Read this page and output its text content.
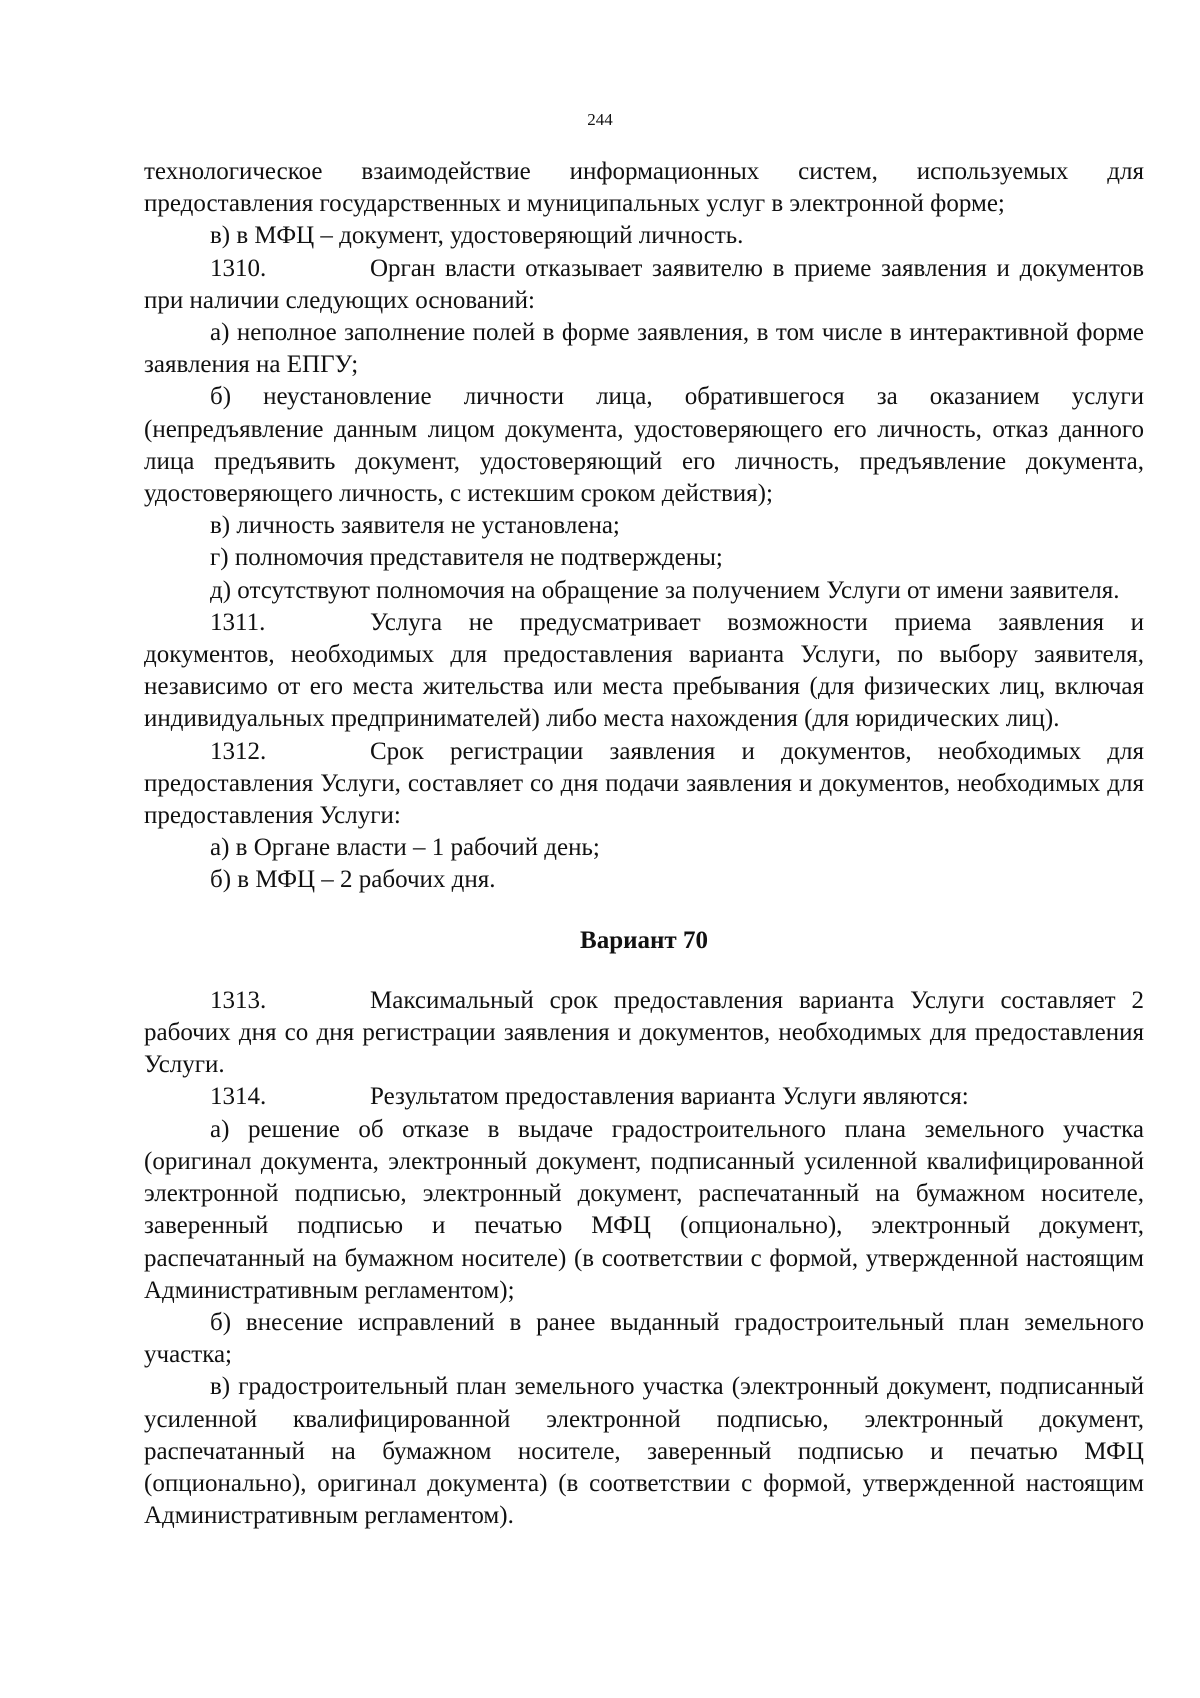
244

технологическое взаимодействие информационных систем, используемых для предоставления государственных и муниципальных услуг в электронной форме;

в) в МФЦ – документ, удостоверяющий личность.

1310.	Орган власти отказывает заявителю в приеме заявления и документов при наличии следующих оснований:

а) неполное заполнение полей в форме заявления, в том числе в интерактивной форме заявления на ЕПГУ;

б) неустановление личности лица, обратившегося за оказанием услуги (непредъявление данным лицом документа, удостоверяющего его личность, отказ данного лица предъявить документ, удостоверяющий его личность, предъявление документа, удостоверяющего личность, с истекшим сроком действия);

в) личность заявителя не установлена;

г) полномочия представителя не подтверждены;

д) отсутствуют полномочия на обращение за получением Услуги от имени заявителя.

1311.	Услуга не предусматривает возможности приема заявления и документов, необходимых для предоставления варианта Услуги, по выбору заявителя, независимо от его места жительства или места пребывания (для физических лиц, включая индивидуальных предпринимателей) либо места нахождения (для юридических лиц).

1312.	Срок регистрации заявления и документов, необходимых для предоставления Услуги, составляет со дня подачи заявления и документов, необходимых для предоставления Услуги:

а) в Органе власти – 1 рабочий день;

б) в МФЦ – 2 рабочих дня.

Вариант 70

1313.	Максимальный срок предоставления варианта Услуги составляет 2 рабочих дня со дня регистрации заявления и документов, необходимых для предоставления Услуги.

1314.	Результатом предоставления варианта Услуги являются:

а) решение об отказе в выдаче градостроительного плана земельного участка (оригинал документа, электронный документ, подписанный усиленной квалифицированной электронной подписью, электронный документ, распечатанный на бумажном носителе, заверенный подписью и печатью МФЦ (опционально), электронный документ, распечатанный на бумажном носителе) (в соответствии с формой, утвержденной настоящим Административным регламентом);

б) внесение исправлений в ранее выданный градостроительный план земельного участка;

в) градостроительный план земельного участка (электронный документ, подписанный усиленной квалифицированной электронной подписью, электронный документ, распечатанный на бумажном носителе, заверенный подписью и печатью МФЦ (опционально), оригинал документа) (в соответствии с формой, утвержденной настоящим Административным регламентом).
